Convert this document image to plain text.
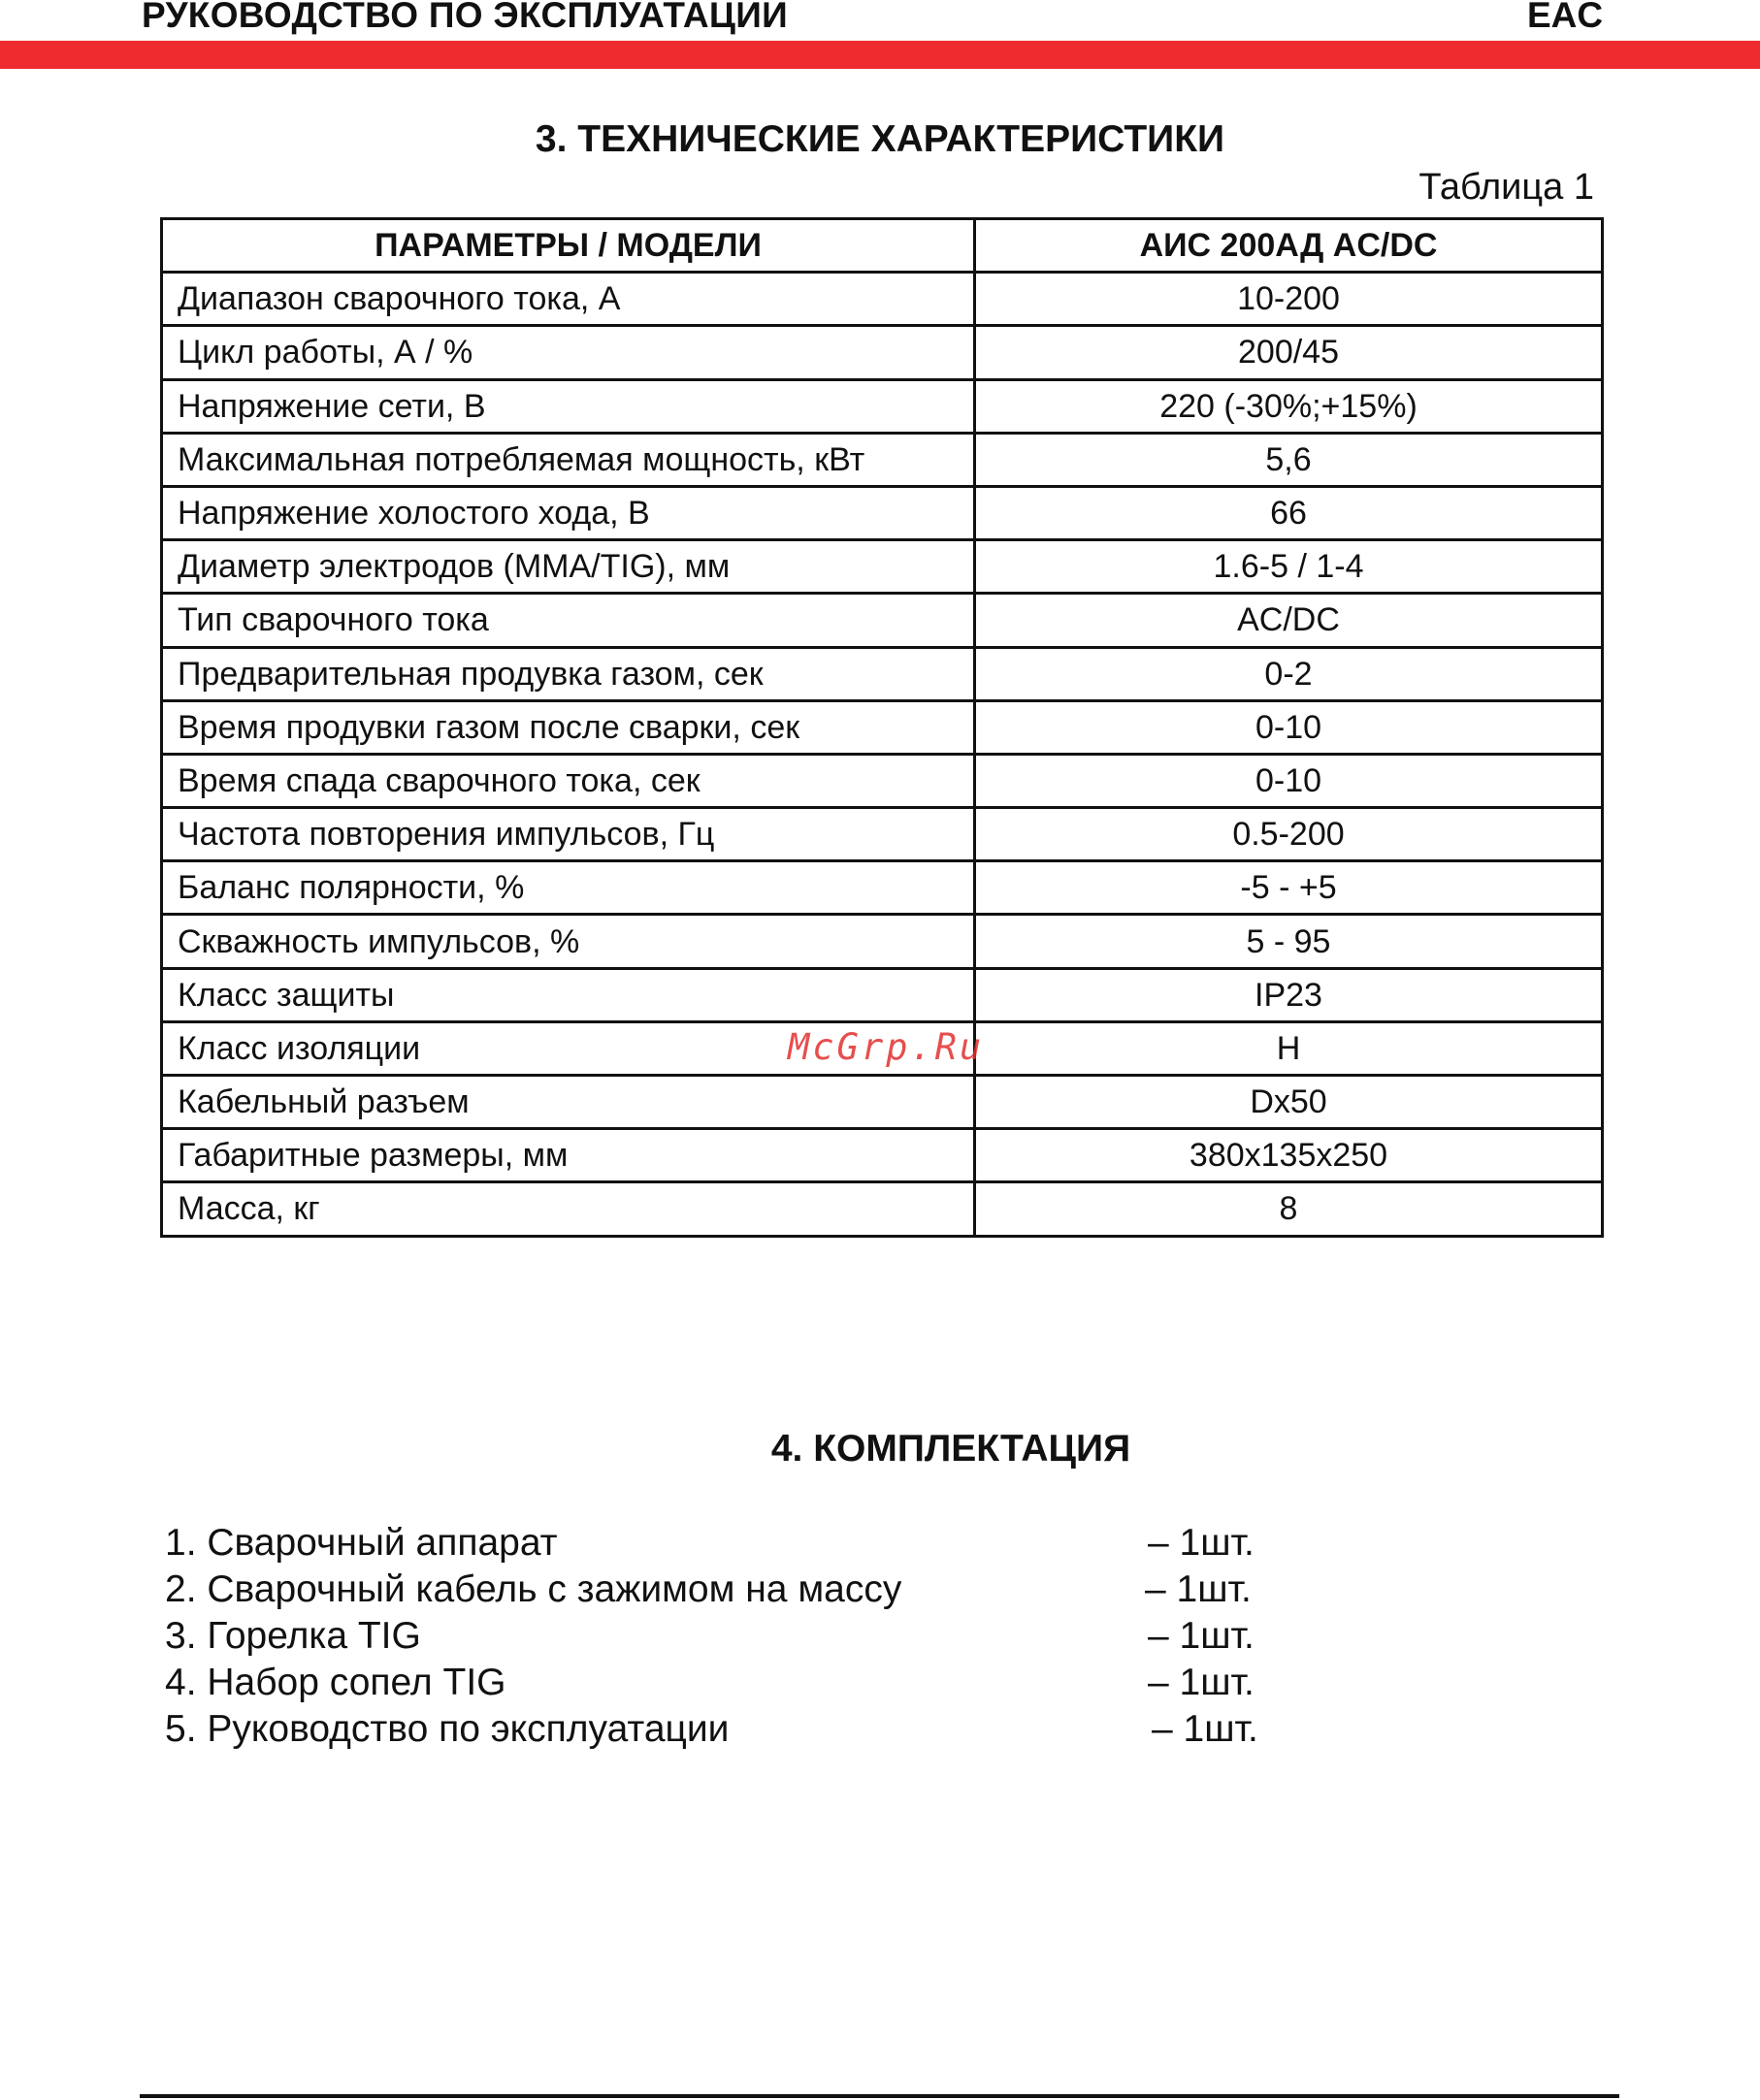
РУКОВОДСТВО ПО ЭКСПЛУАТАЦИИ	EAC
3. ТЕХНИЧЕСКИЕ ХАРАКТЕРИСТИКИ
Таблица 1
ПАРАМЕТРЫ / МОДЕЛИ	АИС 200АД AC/DC
Диапазон сварочного тока, А	10-200
Цикл работы, А / %	200/45
Напряжение сети, В	220 (-30%;+15%)
Максимальная потребляемая мощность, кВт	5,6
Напряжение холостого хода, В	66
Диаметр электродов (MMA/TIG), мм	1.6-5 / 1-4
Тип сварочного тока	AC/DC
Предварительная продувка газом, сек	0-2
Время продувки газом после сварки, сек	0-10
Время спада сварочного тока, сек	0-10
Частота повторения импульсов, Гц	0.5-200
Баланс полярности, %	-5 - +5
Скважность импульсов, %	5 - 95
Класс защиты	IP23
Класс изоляции	H
Кабельный разъем	Dx50
Габаритные размеры, мм	380x135x250
Масса, кг	8
McGrp.Ru
4. КОМПЛЕКТАЦИЯ
1. Сварочный аппарат	– 1шт.
2. Сварочный кабель с зажимом на массу	– 1шт.
3. Горелка TIG	– 1шт.
4. Набор сопел TIG	– 1шт.
5. Руководство по эксплуатации	– 1шт.
